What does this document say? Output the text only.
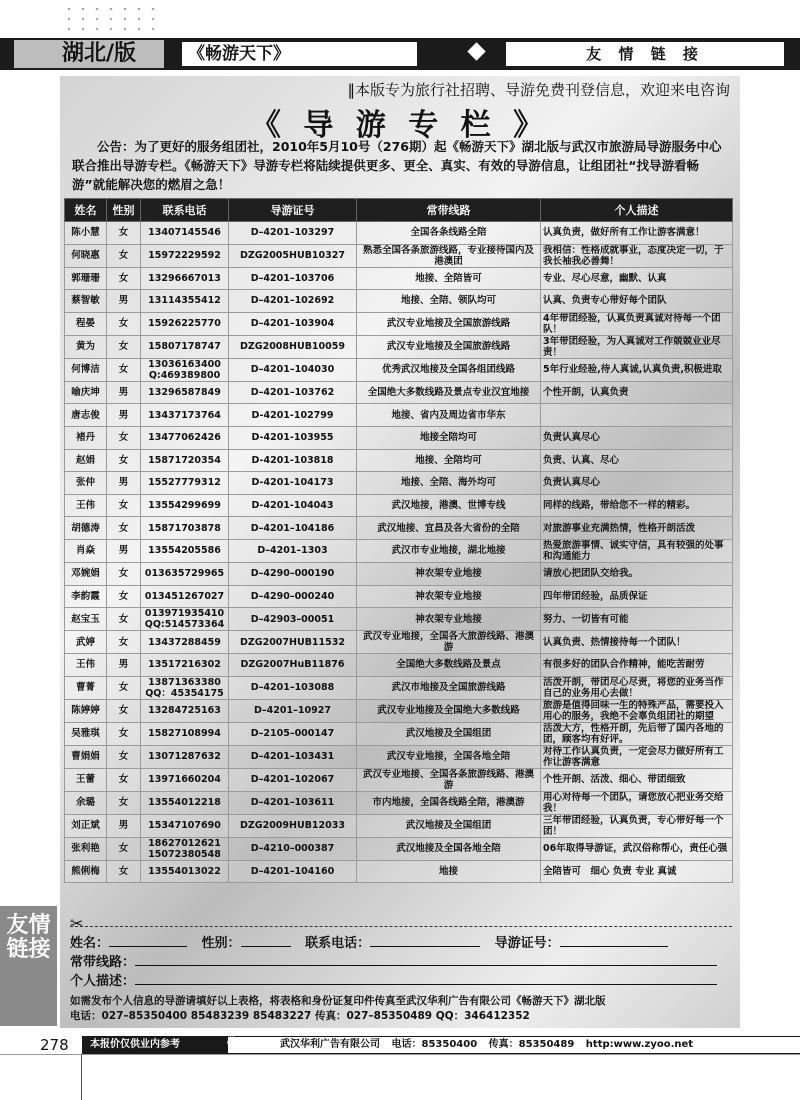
湖北/版	《畅游天下》	友 情 链 接
‖本版专为旅行社招聘、导游免费刊登信息，欢迎来电咨询
《 导 游 专 栏 》
公告：为了更好的服务组团社，2010年5月10号（276期）起《畅游天下》湖北版与武汉市旅游局导游服务中心联合推出导游专栏。《畅游天下》导游专栏将陆续提供更多、更全、真实、有效的导游信息，让组团社“找导游看畅游”就能解决您的燃眉之急！
姓名	性别	联系电话	导游证号	常带线路	个人描述
陈小慧	女	13407145546	D–4201–103297	全国各条线路全陪	认真负责，做好所有工作让游客满意！
何晓惠	女	15972229592	DZG2005HUB10327	熟悉全国各条旅游线路，专业接待国内及港澳团	我相信：性格成就事业，态度决定一切，于我长袖我必善舞！
郭珊珊	女	13296667013	D–4201–103706	地接、全陪皆可	专业、尽心尽意，幽默、认真
蔡智敏	男	13114355412	D–4201–102692	地接、全陪、领队均可	认真、负责专心带好每个团队
程晏	女	15926225770	D–4201–103904	武汉专业地接及全国旅游线路	4年带团经验，认真负责真诚对待每一个团队！
黄为	女	15807178747	DZG2008HUB10059	武汉专业地接及全国旅游线路	3年带团经验，为人真诚对工作兢兢业业尽责！
何博洁	女	13036163400 Q:469389800	D–4201–104030	优秀武汉地接及全国各组团线路	5年行业经验,待人真诚,认真负责,积极进取
喻庆坤	男	13296587849	D–4201–103762	全国绝大多数线路及景点专业汉宜地接	个性开朗，认真负责
唐志俊	男	13437173764	D-4201-102799	地接、省内及周边省市华东	
褚丹	女	13477062426	D-4201-103955	地接全陪均可	负责认真尽心
赵娟	女	15871720354	D-4201-103818	地接、全陪均可	负责、认真、尽心
张仲	男	15527779312	D-4201-104173	地接、全陪、海外均可	负责认真尽心
王伟	女	13554299699	D-4201-104043	武汉地接，港澳、世博专线	同样的线路，带给您不一样的精彩。
胡德涛	女	15871703878	D–4201–104186	武汉地接、宜昌及各大省份的全陪	对旅游事业充满热情，性格开朗活泼
肖焱	男	13554205586	D–4201–1303	武汉市专业地接，湖北地接	热爱旅游事情、诚实守信，具有较强的处事和沟通能力
邓婉娟	女	013635729965	D–4290–000190	神农架专业地接	请放心把团队交给我。
李韵霞	女	013451267027	D–4290–000240	神农架专业地接	四年带团经验，品质保证
赵宝玉	女	013971935410 QQ:514573364	D–42903–00051	神农架专业地接	努力、一切皆有可能
武婷	女	13437288459	DZG2007HUB11532	武汉专业地接，全国各大旅游线路、港澳游	认真负责、热情接待每一个团队！
王伟	男	13517216302	DZG2007HuB11876	全国绝大多数线路及景点	有很多好的团队合作精神，能吃苦耐劳
曹菁	女	13871363380 QQ：45354175	D–4201–103088	武汉市地接及全国旅游线路	活泼开朗，带团尽心尽责，将您的业务当作自己的业务用心去做！
陈婷婷	女	13284725163	D–4201–10927	武汉专业地接及全国绝大多数线路	旅游是值得回味一生的特殊产品，需要投入用心的服务，我绝不会辜负组团社的期望
吴雅琪	女	15827108994	D–2105–000147	武汉地接及全国组团	活泼大方，性格开朗，先后带了国内各地的团，顾客均有好评。
曹娟娟	女	13071287632	D–4201–103431	武汉专业地接，全国各地全陪	对待工作认真负责，一定会尽力做好所有工作让游客满意
王蕾	女	13971660204	D–4201–102067	武汉专业地接、全国各条旅游线路、港澳游	个性开朗、活泼、细心、带团细致
余璐	女	13554012218	D–4201–103611	市内地接，全国各线路全陪，港澳游	用心对待每一个团队，请您放心把业务交给我！
刘正斌	男	15347107690	DZG2009HUB12033	武汉地接及全国组团	三年带团经验，认真负责，专心带好每一个团！
张利艳	女	18627012621 15072380548	D–4210–000387	武汉地接及全国各地全陪	06年取得导游证，武汉俗称帮心，责任心强
熊俐梅	女	13554013022	D–4201–104160	地接	全陪皆可　细心 负责 专业 真诚
友情链接
✂
姓名：	性别：	联系电话：	导游证号：
常带线路：
个人描述：
如需发布个人信息的导游请填好以上表格，将表格和身份证复印件传真至武汉华利广告有限公司《畅游天下》湖北版
电话：027–85350400 85483239 85483227 传真：027–85350489 QQ：346412352
278 本报价仅供业内参考 《	武汉华利广告有限公司 电话：85350400 传真：85350489 http:www.zyoo.net
